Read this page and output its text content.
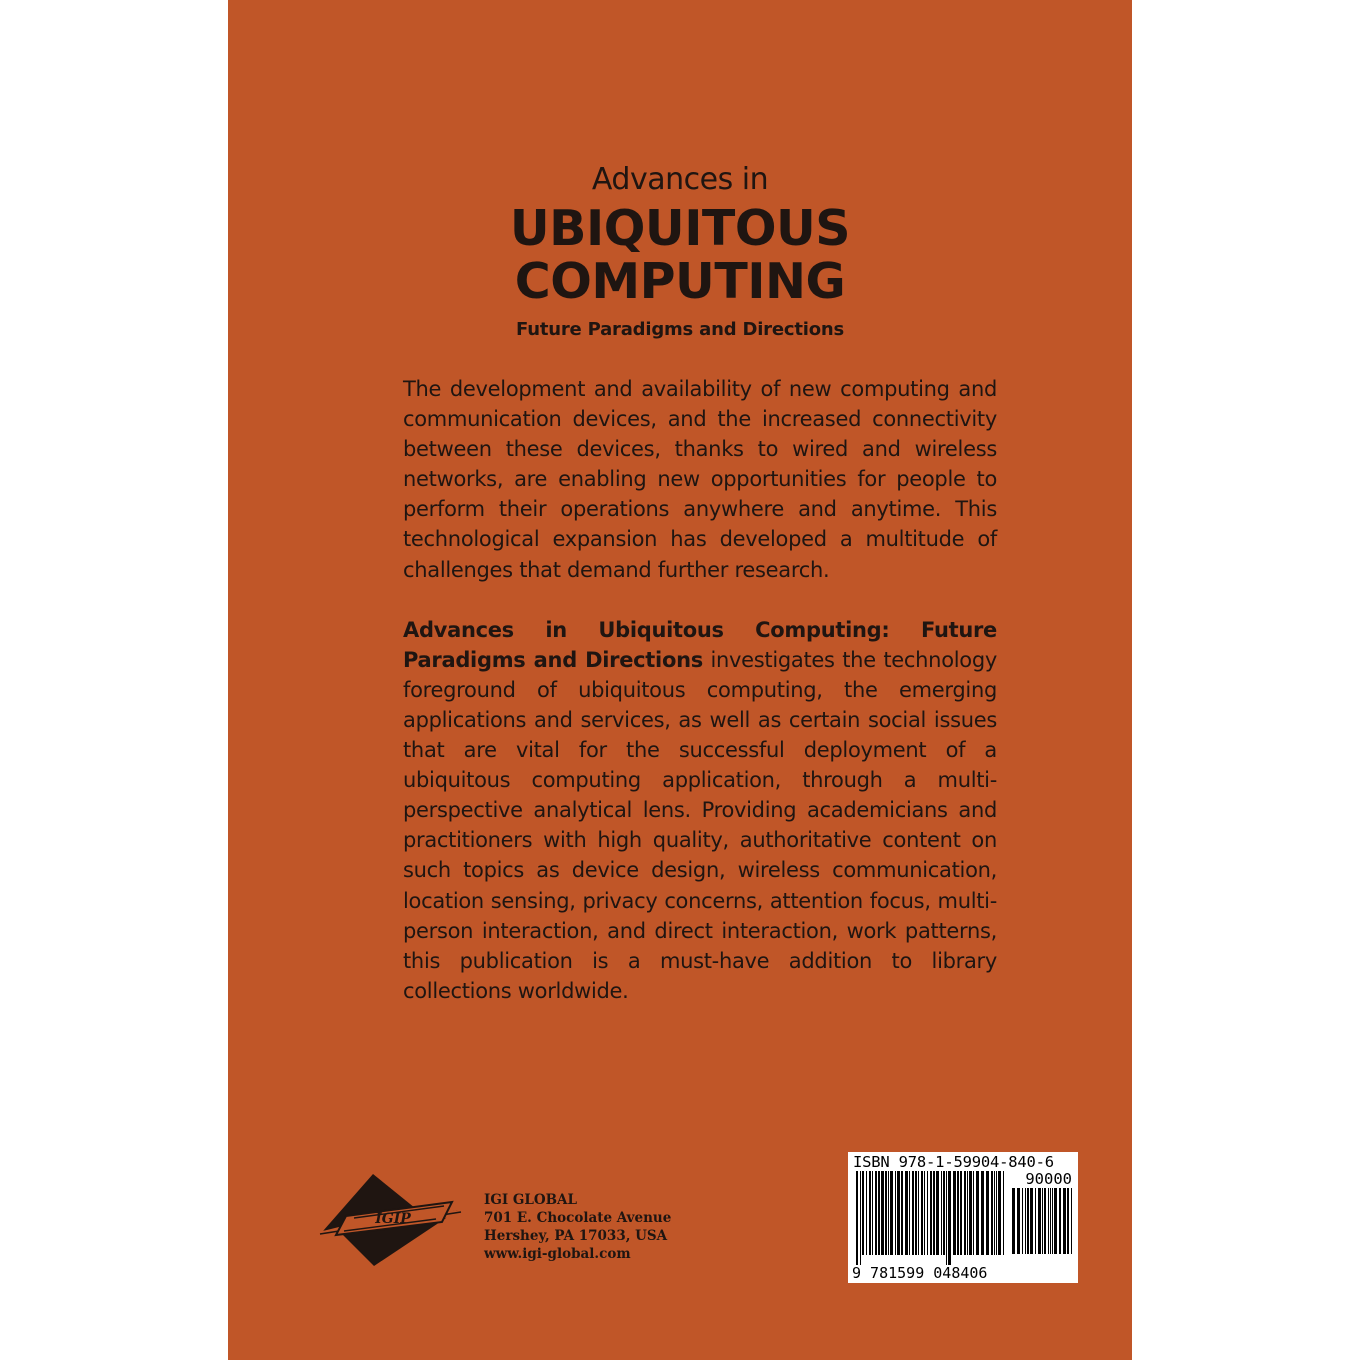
Advances in
UBIQUITOUS
COMPUTING
Future Paradigms and Directions

The development and availability of new computing and communication devices, and the increased connectivity between these devices, thanks to wired and wireless networks, are enabling new opportunities for people to perform their operations anywhere and anytime. This technological expansion has developed a multitude of challenges that demand further research.

Advances in Ubiquitous Computing: Future Paradigms and Directions investigates the technology foreground of ubiquitous computing, the emerging applications and services, as well as certain social issues that are vital for the successful deployment of a ubiquitous computing application, through a multi-perspective analytical lens. Providing academicians and practitioners with high quality, authoritative content on such topics as device design, wireless communication, location sensing, privacy concerns, attention focus, multi-person interaction, and direct interaction, work patterns, this publication is a must-have addition to library collections worldwide.

IGIP
IGI GLOBAL
701 E. Chocolate Avenue
Hershey, PA 17033, USA
www.igi-global.com
ISBN 978-1-59904-840-6
90000
9 781599 048406
